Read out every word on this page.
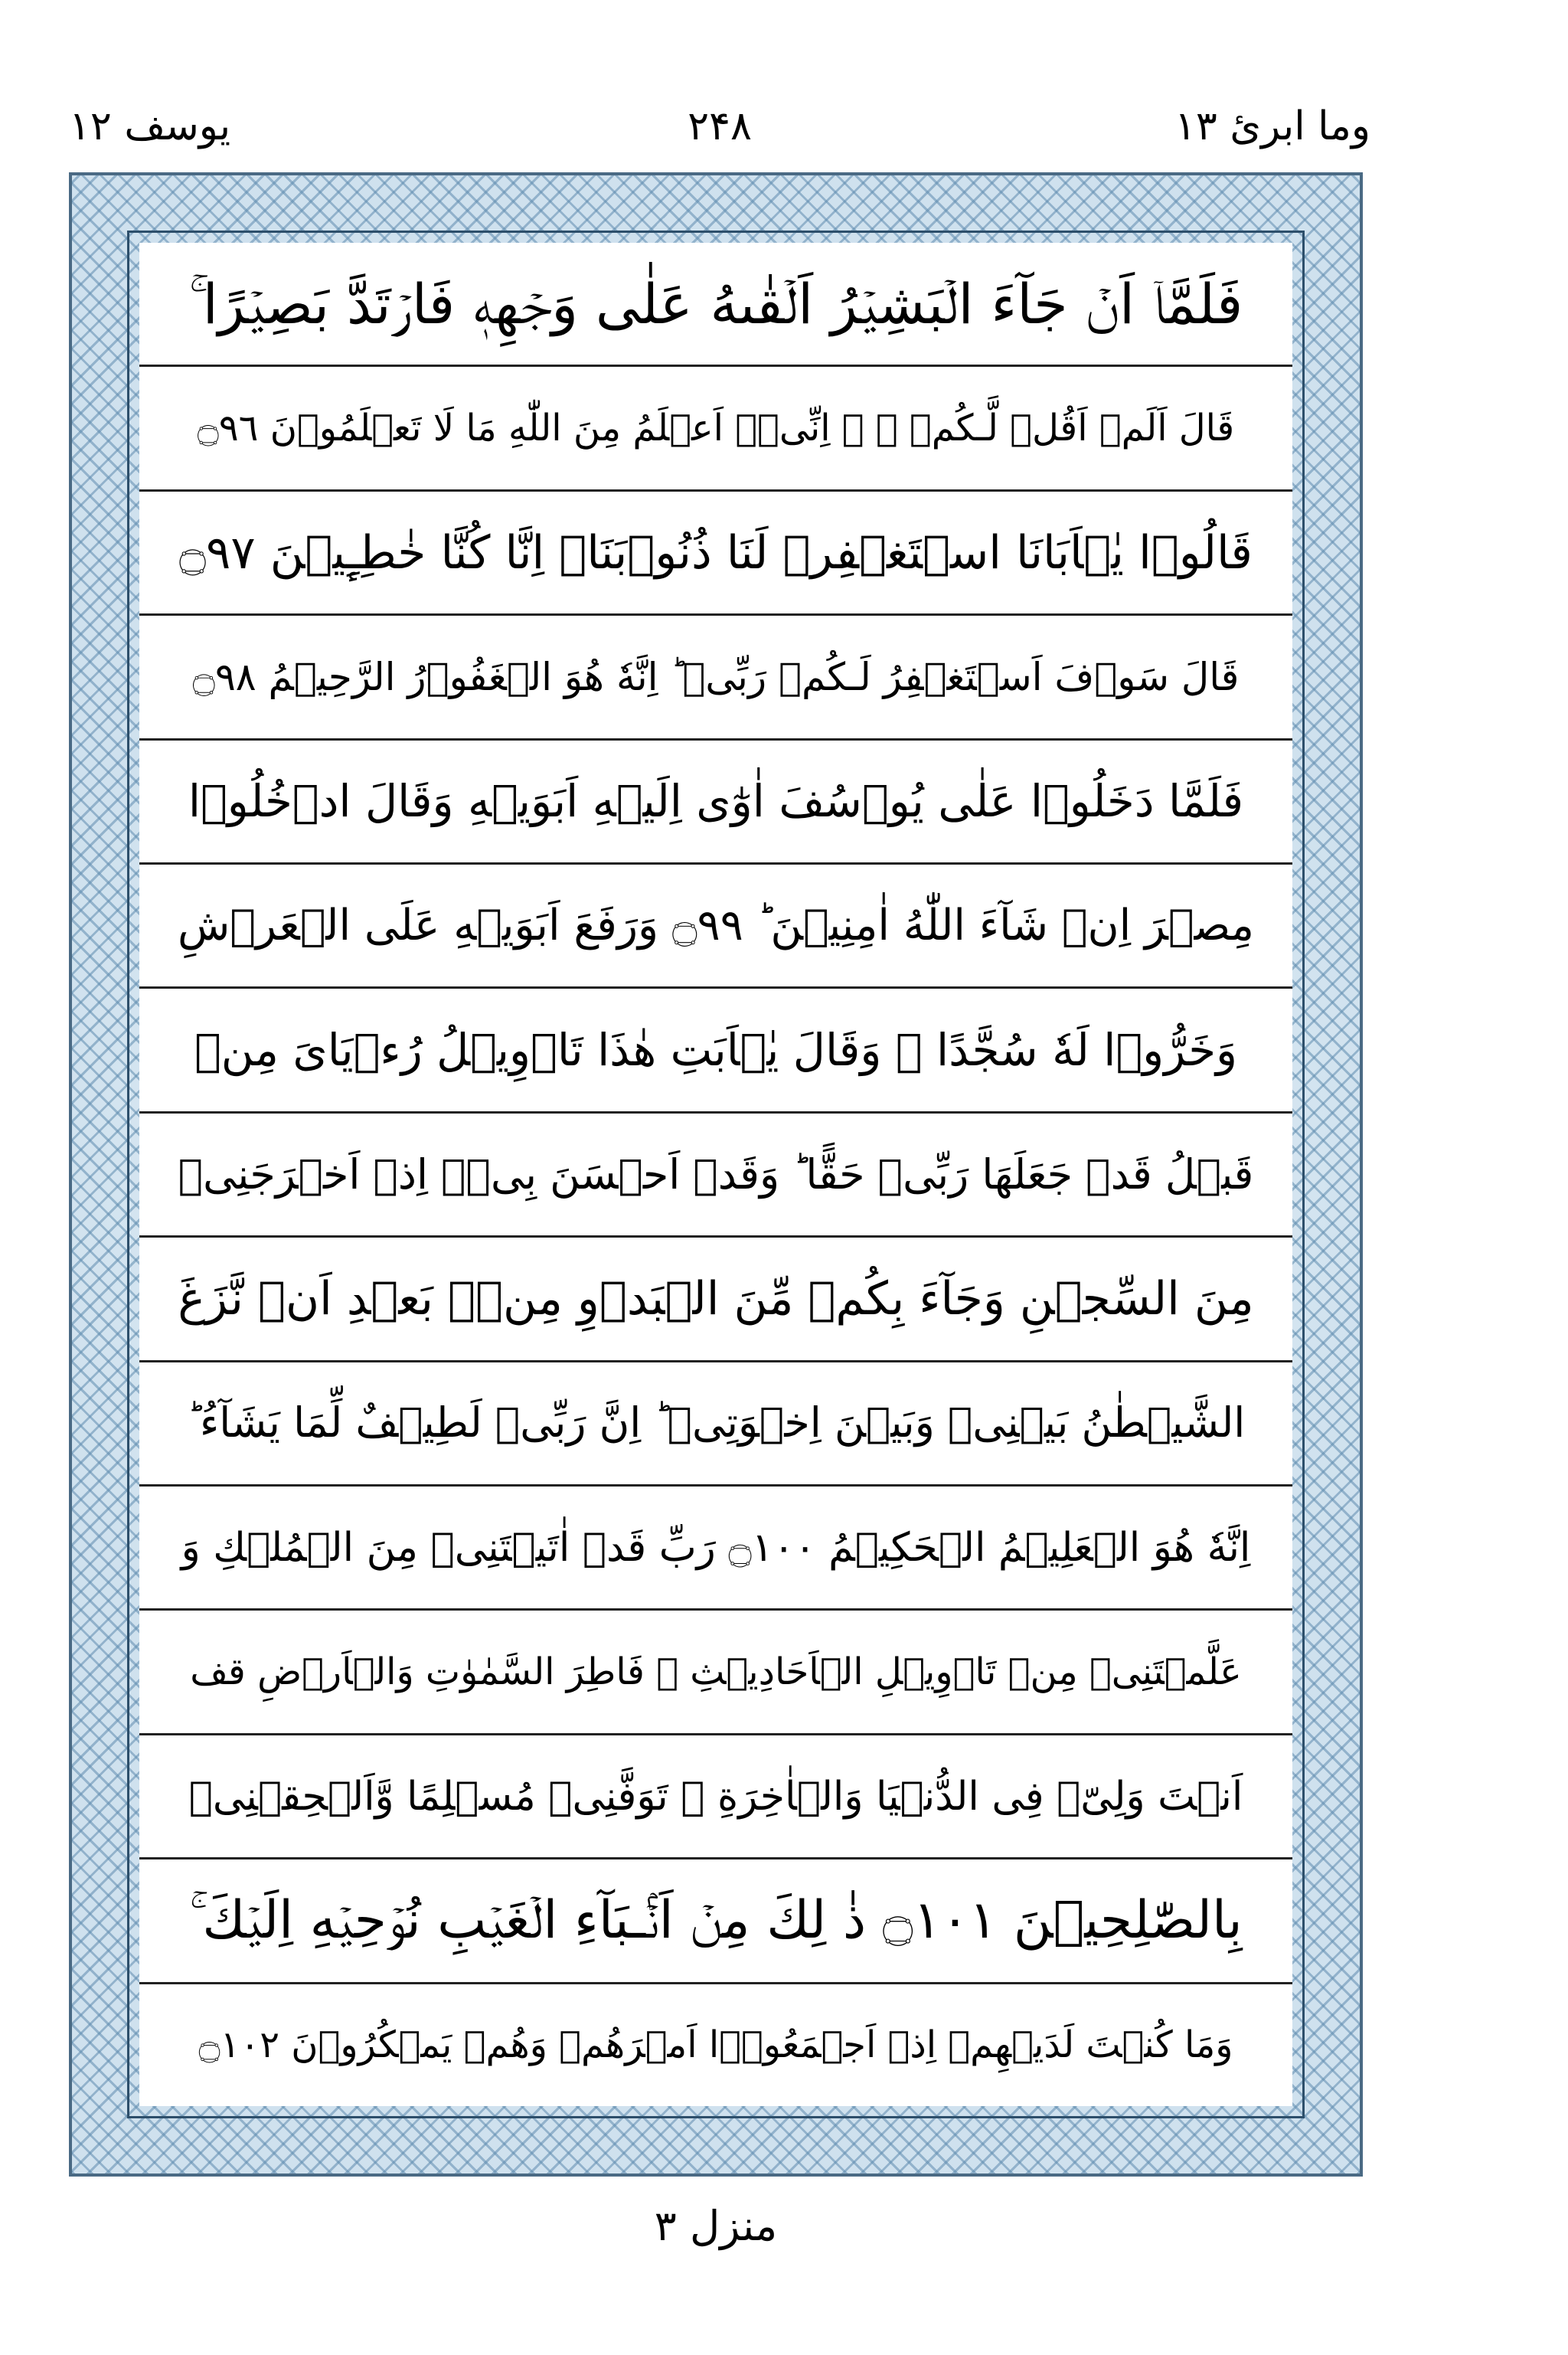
وما ابرئ ۱۳
۲۴۸
يوسف ۱۲
فَلَمَّاۤ اَنۡ جَآءَ الۡبَشِيۡرُ اَلۡقٰٮهُ عَلٰى وَجۡهِهٖ فَارۡتَدَّ بَصِيۡرًا ۚ
قَالَ اَلَمۡ اَقُلۡ لَّـكُمۡ ۚ ۙ اِنِّىۡۤ اَعۡلَمُ مِنَ اللّٰهِ مَا لَا تَعۡلَمُوۡنَ ۝٩٦
قَالُوۡا يٰۤاَبَانَا اسۡتَغۡفِرۡ لَنَا ذُنُوۡبَنَاۤ اِنَّا كُنَّا خٰطِـِٕيۡنَ ۝٩٧
قَالَ سَوۡفَ اَسۡتَغۡفِرُ لَـكُمۡ رَبِّىۡ ؕ اِنَّهٗ هُوَ الۡغَفُوۡرُ الرَّحِيۡمُ ۝٩٨
فَلَمَّا دَخَلُوۡا عَلٰى يُوۡسُفَ اٰوٰٓى اِلَيۡهِ اَبَوَيۡهِ وَقَالَ ادۡخُلُوۡا
مِصۡرَ اِنۡ شَآءَ اللّٰهُ اٰمِنِيۡنَ ؕ ۝٩٩ وَرَفَعَ اَبَوَيۡهِ عَلَى الۡعَرۡشِ
وَخَرُّوۡا لَهٗ سُجَّدًا ۚ وَقَالَ يٰۤاَبَتِ هٰذَا تَاۡوِيۡلُ رُءۡيَاىَ مِنۡ
قَبۡلُ قَدۡ جَعَلَهَا رَبِّىۡ حَقًّا ؕ وَقَدۡ اَحۡسَنَ بِىۡۤ اِذۡ اَخۡرَجَنِىۡ
مِنَ السِّجۡنِ وَجَآءَ بِكُمۡ مِّنَ الۡبَدۡوِ مِنۡۢ بَعۡدِ اَنۡ نَّزَغَ
الشَّيۡطٰنُ بَيۡنِىۡ وَبَيۡنَ اِخۡوَتِىۡ ؕ اِنَّ رَبِّىۡ لَطِيۡفٌ لِّمَا يَشَآءُ ؕ
اِنَّهٗ هُوَ الۡعَلِيۡمُ الۡحَكِيۡمُ ۝١٠٠ رَبِّ قَدۡ اٰتَيۡتَنِىۡ مِنَ الۡمُلۡكِ وَ
عَلَّمۡتَنِىۡ مِنۡ تَاۡوِيۡلِ الۡاَحَادِيۡثِ ۚ فَاطِرَ السَّمٰوٰتِ وَالۡاَرۡضِ قف
اَنۡتَ وَلِىّٖ فِى الدُّنۡيَا وَالۡاٰخِرَةِ ۚ تَوَفَّنِىۡ مُسۡلِمًا وَّاَلۡحِقۡنِىۡ
بِالصّٰلِحِيۡنَ ۝١٠١ ذٰ لِكَ مِنۡ اَنۡۢـبَآءِ الۡغَيۡبِ نُوۡحِيۡهِ اِلَيۡكَ ۚ
وَمَا كُنۡتَ لَدَيۡهِمۡ اِذۡ اَجۡمَعُوۡۤا اَمۡرَهُمۡ وَهُمۡ يَمۡكُرُوۡنَ ۝١٠٢
منزل ۳
